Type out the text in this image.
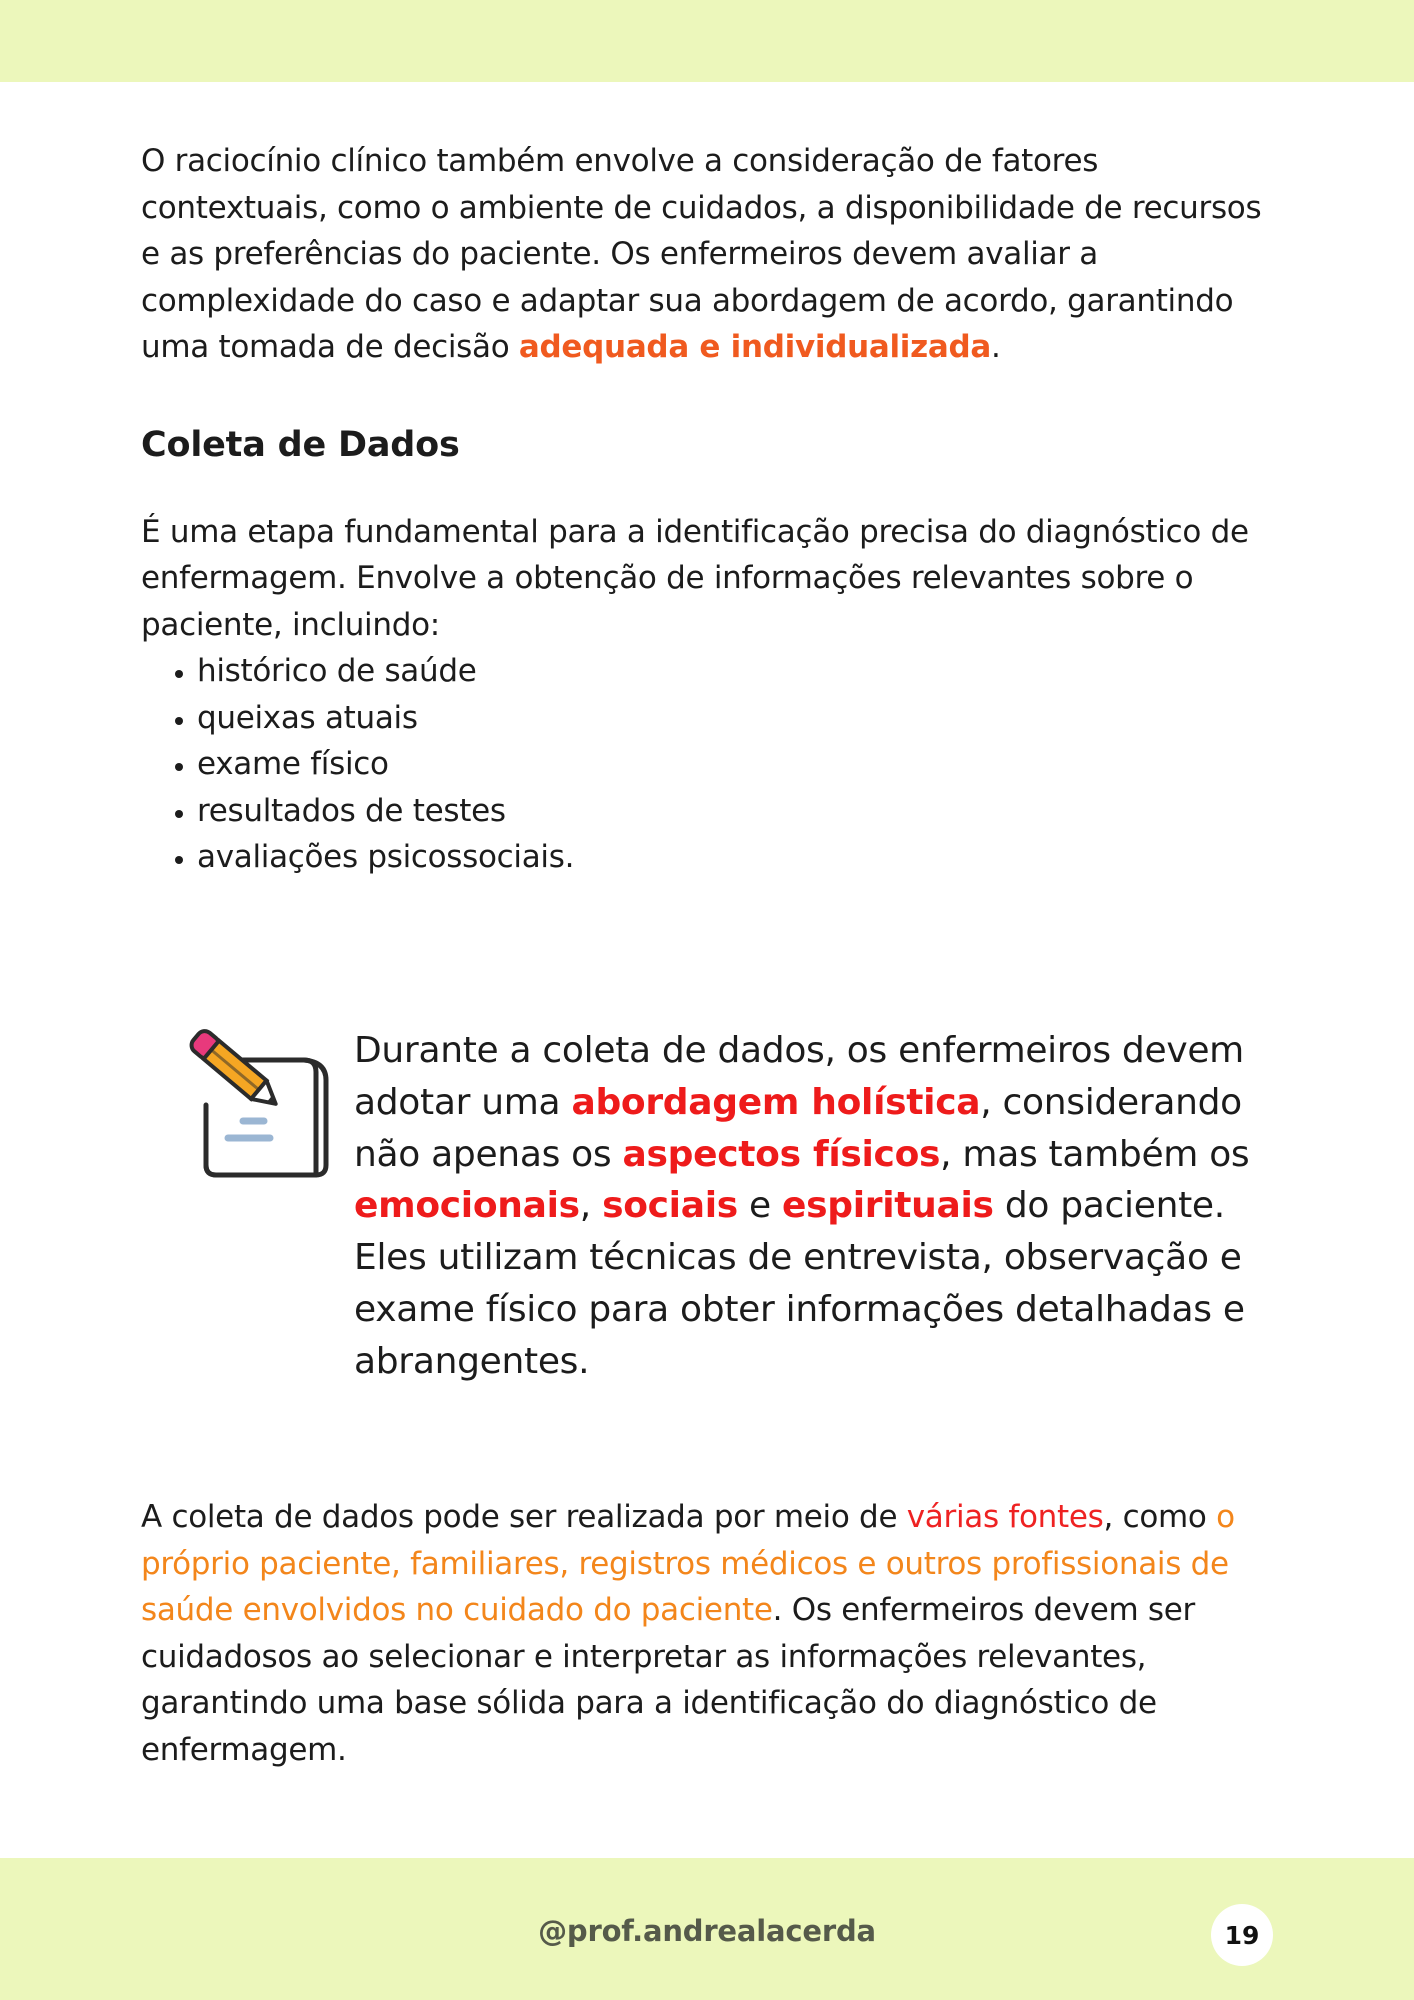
O raciocínio clínico também envolve a consideração de fatores contextuais, como o ambiente de cuidados, a disponibilidade de recursos e as preferências do paciente. Os enfermeiros devem avaliar a complexidade do caso e adaptar sua abordagem de acordo, garantindo uma tomada de decisão adequada e individualizada.

Coleta de Dados

É uma etapa fundamental para a identificação precisa do diagnóstico de enfermagem. Envolve a obtenção de informações relevantes sobre o paciente, incluindo:

• histórico de saúde
• queixas atuais
• exame físico
• resultados de testes
• avaliações psicossociais.

Durante a coleta de dados, os enfermeiros devem adotar uma abordagem holística, considerando não apenas os aspectos físicos, mas também os emocionais, sociais e espirituais do paciente. Eles utilizam técnicas de entrevista, observação e exame físico para obter informações detalhadas e abrangentes.

A coleta de dados pode ser realizada por meio de várias fontes, como o próprio paciente, familiares, registros médicos e outros profissionais de saúde envolvidos no cuidado do paciente. Os enfermeiros devem ser cuidadosos ao selecionar e interpretar as informações relevantes, garantindo uma base sólida para a identificação do diagnóstico de enfermagem.

@prof.andrealacerda	19
